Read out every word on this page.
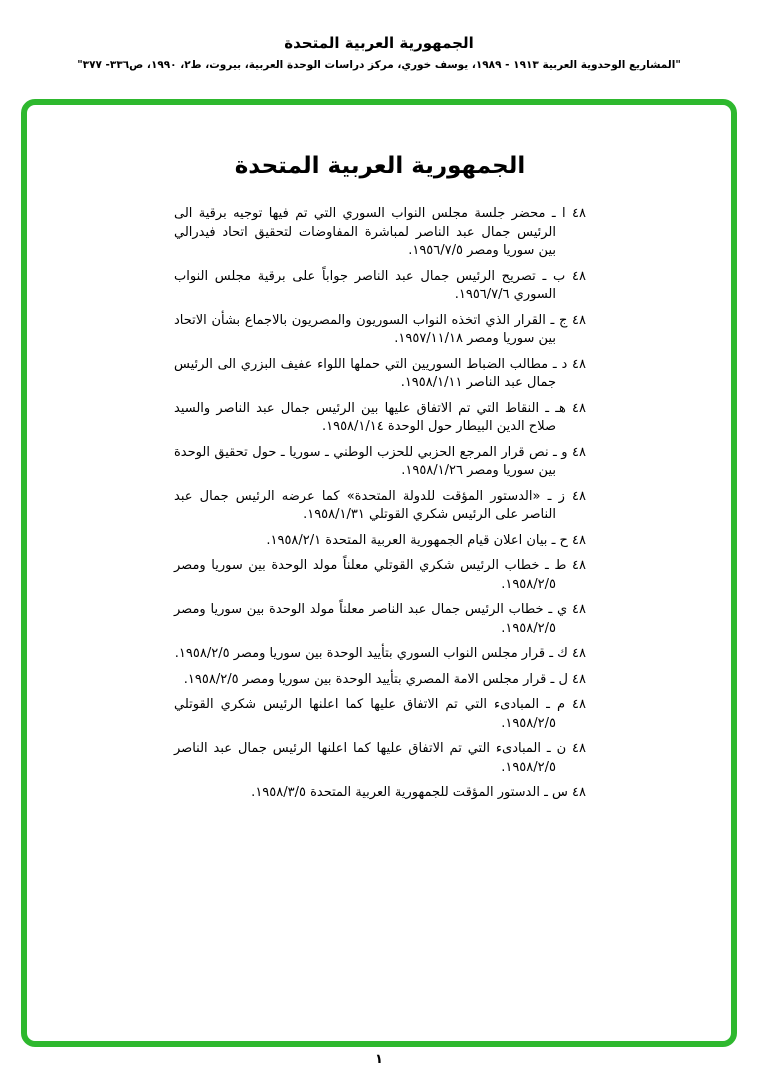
الجمهورية العربية المتحدة
"المشاريع الوحدوية العربية ١٩١٣ - ١٩٨٩، يوسف خوري، مركز دراسات الوحدة العربية، بيروت، ط٢، ١٩٩٠، ص٣٣٦- ٣٧٧"
الجمهورية العربية المتحدة

٤٨ ا ـ محضر جلسة مجلس النواب السوري التي تم فيها توجيه برقية الى الرئيس جمال عبد الناصر لمباشرة المفاوضات لتحقيق اتحاد فيدرالي بين سوريا ومصر ١٩٥٦/٧/٥.

٤٨ ب ـ تصريح الرئيس جمال عبد الناصر جواباً على برقية مجلس النواب السوري ١٩٥٦/٧/٦.

٤٨ ج ـ القرار الذي اتخذه النواب السوريون والمصريون بالاجماع بشأن الاتحاد بين سوريا ومصر ١٩٥٧/١١/١٨.

٤٨ د ـ مطالب الضباط السوريين التي حملها اللواء عفيف البزري الى الرئيس جمال عبد الناصر ١٩٥٨/١/١١.

٤٨ هـ ـ النقاط التي تم الاتفاق عليها بين الرئيس جمال عبد الناصر والسيد صلاح الدين البيطار حول الوحدة ١٩٥٨/١/١٤.

٤٨ و ـ نص قرار المرجع الحزبي للحزب الوطني ـ سوريا ـ حول تحقيق الوحدة بين سوريا ومصر ١٩٥٨/١/٢٦.

٤٨ ز ـ «الدستور المؤقت للدولة المتحدة» كما عرضه الرئيس جمال عبد الناصر على الرئيس شكري القوتلي ١٩٥٨/١/٣١.

٤٨ ح ـ بيان اعلان قيام الجمهورية العربية المتحدة ١٩٥٨/٢/١.

٤٨ ط ـ خطاب الرئيس شكري القوتلي معلناً مولد الوحدة بين سوريا ومصر ١٩٥٨/٢/٥.

٤٨ ي ـ خطاب الرئيس جمال عبد الناصر معلناً مولد الوحدة بين سوريا ومصر ١٩٥٨/٢/٥.

٤٨ ك ـ قرار مجلس النواب السوري بتأييد الوحدة بين سوريا ومصر ١٩٥٨/٢/٥.

٤٨ ل ـ قرار مجلس الامة المصري بتأييد الوحدة بين سوريا ومصر ١٩٥٨/٢/٥.

٤٨ م ـ المبادىء التي تم الاتفاق عليها كما اعلنها الرئيس شكري القوتلي ١٩٥٨/٢/٥.

٤٨ ن ـ المبادىء التي تم الاتفاق عليها كما اعلنها الرئيس جمال عبد الناصر ١٩٥٨/٢/٥.

٤٨ س ـ الدستور المؤقت للجمهورية العربية المتحدة ١٩٥٨/٣/٥.

١
